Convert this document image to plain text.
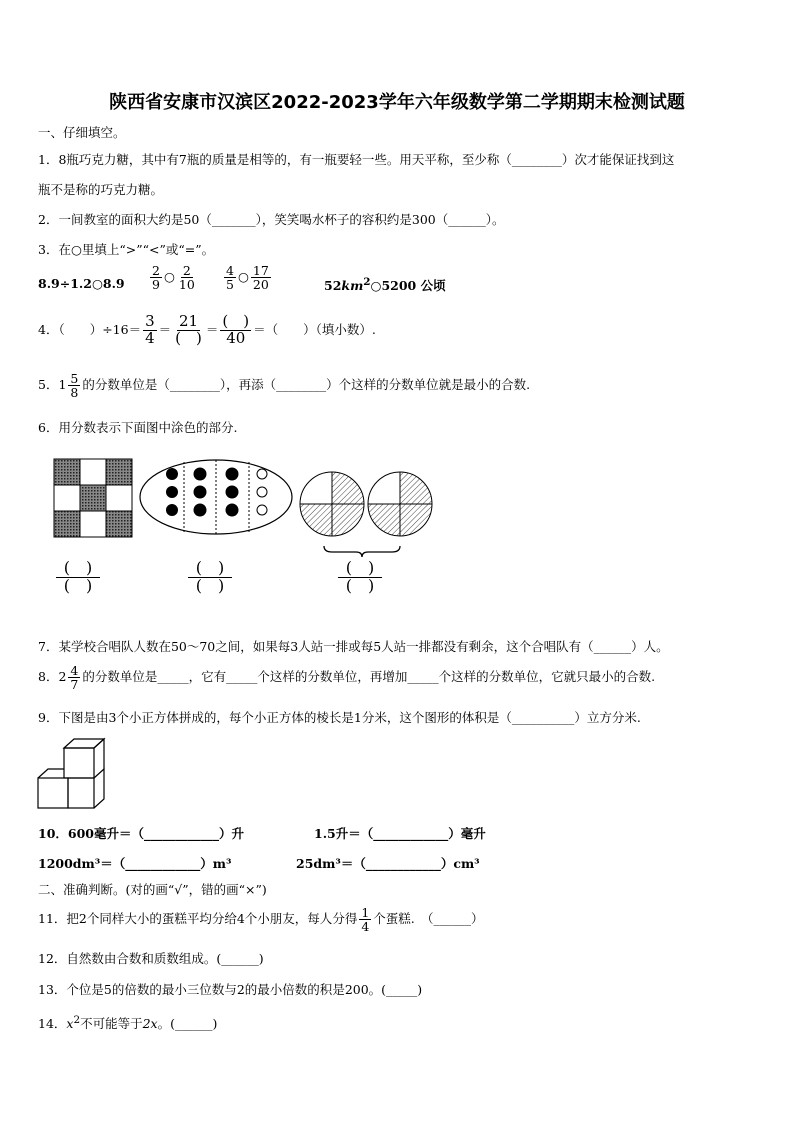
陕西省安康市汉滨区2022-2023学年六年级数学第二学期期末检测试题
一、仔细填空。
1．8瓶巧克力糖，其中有7瓶的质量是相等的，有一瓶要轻一些。用天平称，至少称（________）次才能保证找到这
瓶不是称的巧克力糖。
2．一间教室的面积大约是50（_______），笑笑喝水杯子的容积约是300（______）。
3．在○里填上“>”“<”或“=”。
8.9÷1.2○8.9 $\frac{2}{9}$ ○ $\frac{2}{10} \frac{4}{5}$ ○ $\frac{17}{20}$	$52km^2○5200$ 公顷
4．（　　）$\div 16= \frac{3}{4} = \frac{21}{( )} = \frac{( )}{40}$ ＝（　　）（填小数）.
5．$1 \frac{5}{8}$ 的分数单位是（________），再添（________）个这样的分数单位就是最小的合数.
6．用分数表示下面图中涂色的部分.
$\frac{( )}{( )}$	$\frac{( )}{( )}$	$\frac{( )}{( )}$
7．某学校合唱队人数在50～70之间，如果每3人站一排或每5人站一排都没有剩余，这个合唱队有（______）人。
8．$2 \frac{4}{7}$ 的分数单位是_____，它有_____个这样的分数单位，再增加_____个这样的分数单位，它就只最小的合数.
9．下图是由3个小正方体拼成的，每个小正方体的棱长是1分米，这个图形的体积是（__________）立方分米.
10．600毫升＝（____________）升	1.5升＝（____________）毫升
1200dm³＝（____________）m³	25dm³＝（____________）cm³
二、准确判断。(对的画“√”，错的画“×”)
11．把2个同样大小的蛋糕平均分给4个小朋友，每人分得 $\frac{1}{4}$ 个蛋糕.　（______）
12．自然数由合数和质数组成。(______)
13．个位是5的倍数的最小三位数与2的最小倍数的积是200。(_____)
14．$x^2$不可能等于2x。(______)
